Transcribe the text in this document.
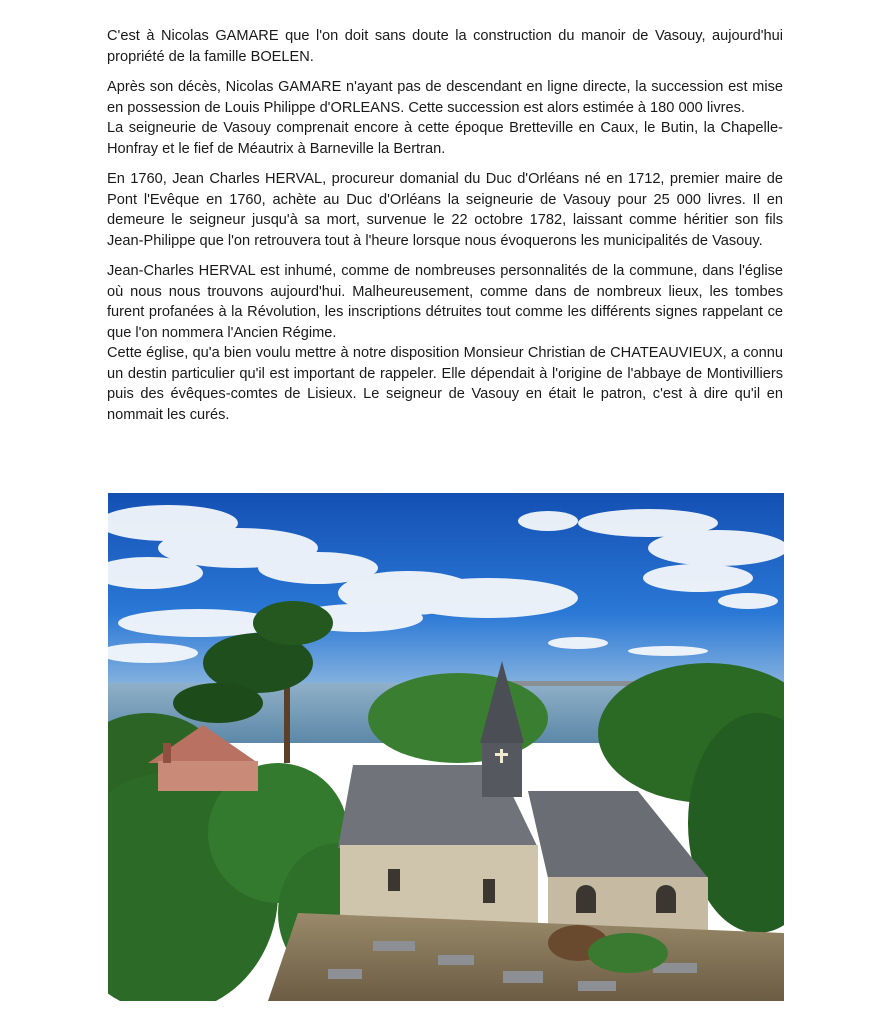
C'est à Nicolas GAMARE que l'on doit sans doute la construction du manoir de Vasouy, aujourd'hui propriété de la famille BOELEN.

Après son décès, Nicolas GAMARE n'ayant pas de descendant en ligne directe, la succession est mise en possession de Louis Philippe d'ORLEANS. Cette succession est alors estimée à 180 000 livres.
La seigneurie de Vasouy comprenait encore à cette époque Bretteville en Caux, le Butin, la Chapelle-Honfray et le fief de Méautrix à Barneville la Bertran.

En 1760, Jean Charles HERVAL, procureur domanial du Duc d'Orléans né en 1712, premier maire de Pont l'Evêque en 1760, achète au Duc d'Orléans la seigneurie de Vasouy pour 25 000 livres. Il en demeure le seigneur jusqu'à sa mort, survenue le 22 octobre 1782, laissant comme héritier son fils Jean-Philippe que l'on retrouvera tout à l'heure lorsque nous évoquerons les municipalités de Vasouy.

Jean-Charles HERVAL est inhumé, comme de nombreuses personnalités de la commune, dans l'église où nous nous trouvons aujourd'hui. Malheureusement, comme dans de nombreux lieux, les tombes furent profanées à la Révolution, les inscriptions détruites tout comme les différents signes rappelant ce que l'on nommera l'Ancien Régime.
Cette église, qu'a bien voulu mettre à notre disposition Monsieur Christian de CHATEAUVIEUX, a connu un destin particulier qu'il est important de rappeler. Elle dépendait à l'origine de l'abbaye de Montivilliers puis des évêques-comtes de Lisieux. Le seigneur de Vasouy en était le patron, c'est à dire qu'il en nommait les curés.
